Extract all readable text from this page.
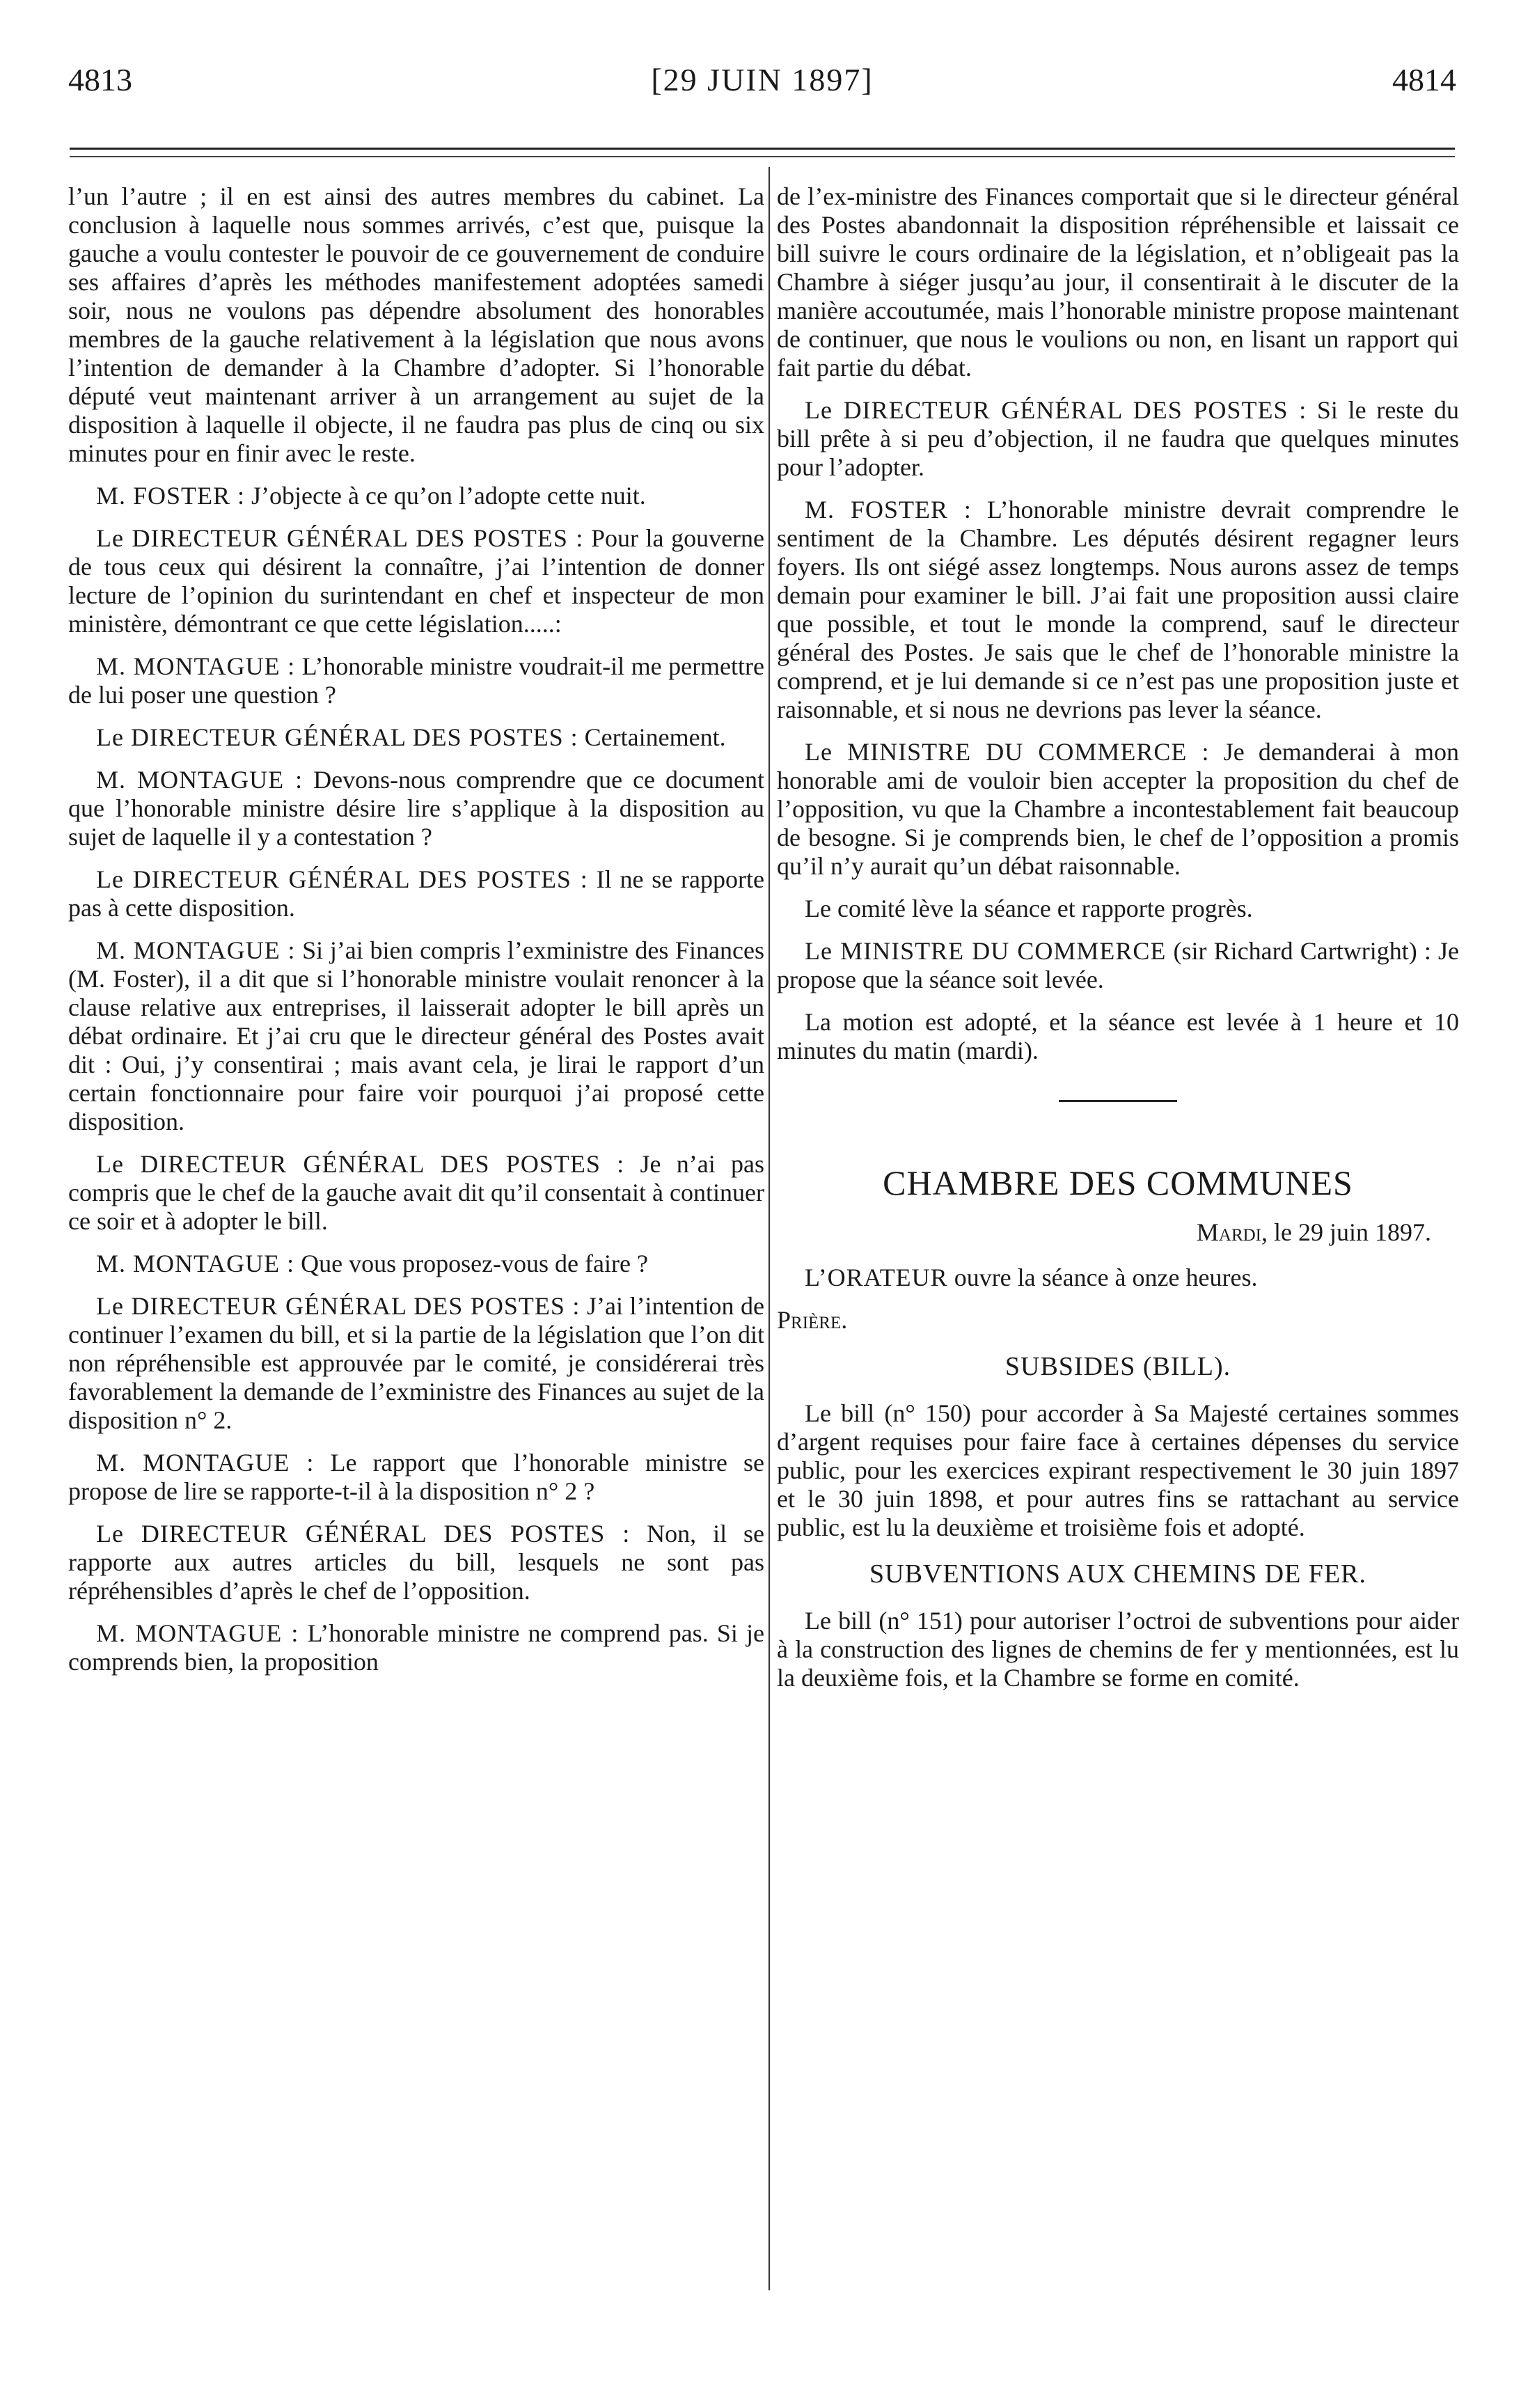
4813	[29 JUIN 1897]	4814

l’un l’autre ; il en est ainsi des autres membres du cabinet. La conclusion à laquelle nous sommes arrivés, c’est que, puisque la gauche a voulu contester le pouvoir de ce gouvernement de conduire ses affaires d’après les méthodes manifestement adoptées samedi soir, nous ne voulons pas dépendre absolument des honorables membres de la gauche relativement à la législation que nous avons l’intention de demander à la Chambre d’adopter. Si l’honorable député veut maintenant arriver à un arrangement au sujet de la disposition à laquelle il objecte, il ne faudra pas plus de cinq ou six minutes pour en finir avec le reste.

M. FOSTER : J’objecte à ce qu’on l’adopte cette nuit.

Le DIRECTEUR GÉNÉRAL DES POSTES : Pour la gouverne de tous ceux qui désirent la connaître, j’ai l’intention de donner lecture de l’opinion du surintendant en chef et inspecteur de mon ministère, démontrant ce que cette législation.....:

M. MONTAGUE : L’honorable ministre voudrait-il me permettre de lui poser une question ?

Le DIRECTEUR GÉNÉRAL DES POSTES : Certainement.

M. MONTAGUE : Devons-nous comprendre que ce document que l’honorable ministre désire lire s’applique à la disposition au sujet de laquelle il y a contestation ?

Le DIRECTEUR GÉNÉRAL DES POSTES : Il ne se rapporte pas à cette disposition.

M. MONTAGUE : Si j’ai bien compris l’exministre des Finances (M. Foster), il a dit que si l’honorable ministre voulait renoncer à la clause relative aux entreprises, il laisserait adopter le bill après un débat ordinaire. Et j’ai cru que le directeur général des Postes avait dit : Oui, j’y consentirai ; mais avant cela, je lirai le rapport d’un certain fonctionnaire pour faire voir pourquoi j’ai proposé cette disposition.

Le DIRECTEUR GÉNÉRAL DES POSTES : Je n’ai pas compris que le chef de la gauche avait dit qu’il consentait à continuer ce soir et à adopter le bill.

M. MONTAGUE : Que vous proposez-vous de faire ?

Le DIRECTEUR GÉNÉRAL DES POSTES : J’ai l’intention de continuer l’examen du bill, et si la partie de la législation que l’on dit non répréhensible est approuvée par le comité, je considérerai très favorablement la demande de l’exministre des Finances au sujet de la disposition n° 2.

M. MONTAGUE : Le rapport que l’honorable ministre se propose de lire se rapporte-t-il à la disposition n° 2 ?

Le DIRECTEUR GÉNÉRAL DES POSTES : Non, il se rapporte aux autres articles du bill, lesquels ne sont pas répréhensibles d’après le chef de l’opposition.

M. MONTAGUE : L’honorable ministre ne comprend pas. Si je comprends bien, la proposition

de l’ex-ministre des Finances comportait que si le directeur général des Postes abandonnait la disposition répréhensible et laissait ce bill suivre le cours ordinaire de la législation, et n’obligeait pas la Chambre à siéger jusqu’au jour, il consentirait à le discuter de la manière accoutumée, mais l’honorable ministre propose maintenant de continuer, que nous le voulions ou non, en lisant un rapport qui fait partie du débat.

Le DIRECTEUR GÉNÉRAL DES POSTES : Si le reste du bill prête à si peu d’objection, il ne faudra que quelques minutes pour l’adopter.

M. FOSTER : L’honorable ministre devrait comprendre le sentiment de la Chambre. Les députés désirent regagner leurs foyers. Ils ont siégé assez longtemps. Nous aurons assez de temps demain pour examiner le bill. J’ai fait une proposition aussi claire que possible, et tout le monde la comprend, sauf le directeur général des Postes. Je sais que le chef de l’honorable ministre la comprend, et je lui demande si ce n’est pas une proposition juste et raisonnable, et si nous ne devrions pas lever la séance.

Le MINISTRE DU COMMERCE : Je demanderai à mon honorable ami de vouloir bien accepter la proposition du chef de l’opposition, vu que la Chambre a incontestablement fait beaucoup de besogne. Si je comprends bien, le chef de l’opposition a promis qu’il n’y aurait qu’un débat raisonnable.

Le comité lève la séance et rapporte progrès.

Le MINISTRE DU COMMERCE (sir Richard Cartwright) : Je propose que la séance soit levée.

La motion est adopté, et la séance est levée à 1 heure et 10 minutes du matin (mardi).

CHAMBRE DES COMMUNES
Mardi, le 29 juin 1897.

L’ORATEUR ouvre la séance à onze heures.

Prière.

SUBSIDES (BILL).

Le bill (n° 150) pour accorder à Sa Majesté certaines sommes d’argent requises pour faire face à certaines dépenses du service public, pour les exercices expirant respectivement le 30 juin 1897 et le 30 juin 1898, et pour autres fins se rattachant au service public, est lu la deuxième et troisième fois et adopté.

SUBVENTIONS AUX CHEMINS DE FER.

Le bill (n° 151) pour autoriser l’octroi de subventions pour aider à la construction des lignes de chemins de fer y mentionnées, est lu la deuxième fois, et la Chambre se forme en comité.
